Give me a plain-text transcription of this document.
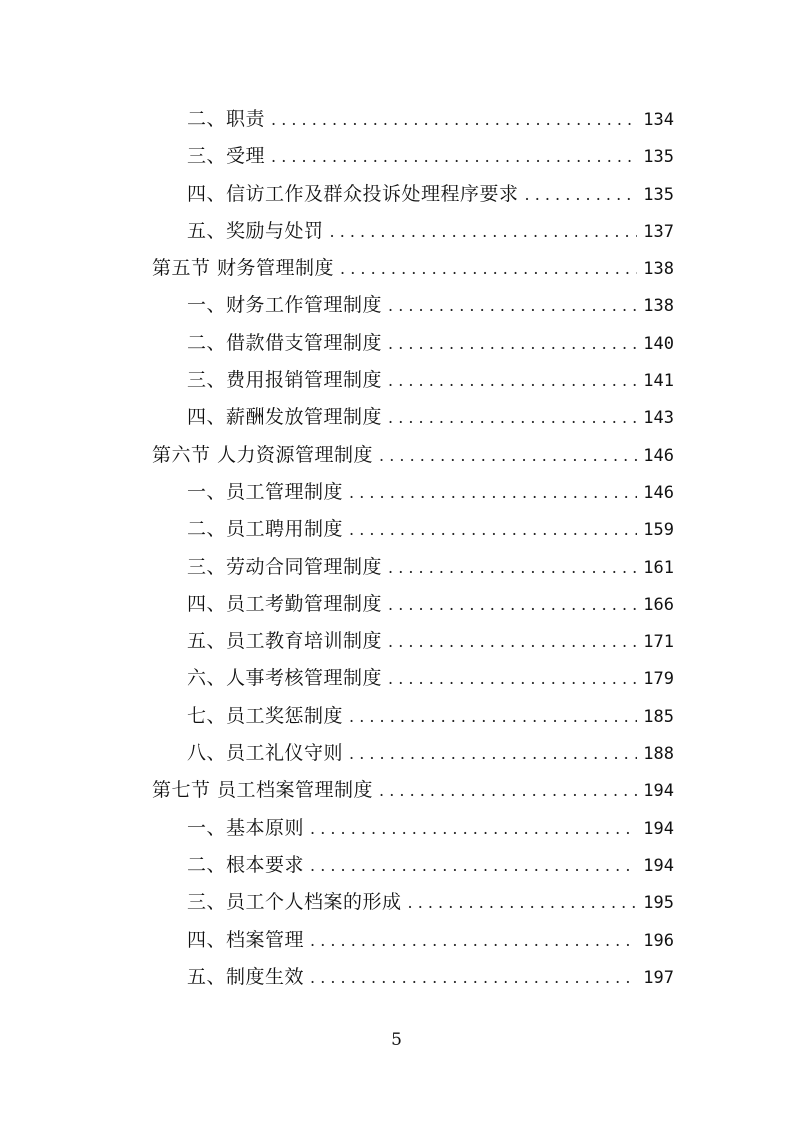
二、职责 . . .	134
三、受理 . . .	135
四、信访工作及群众投诉处理程序要求 . . .	135
五、奖励与处罚 . . .	137
第五节 财务管理制度 . . .	138
一、财务工作管理制度 . . .	138
二、借款借支管理制度 . . .	140
三、费用报销管理制度 . . .	141
四、薪酬发放管理制度 . . .	143
第六节 人力资源管理制度 . . .	146
一、员工管理制度 . . .	146
二、员工聘用制度 . . .	159
三、劳动合同管理制度 . . .	161
四、员工考勤管理制度 . . .	166
五、员工教育培训制度 . . .	171
六、人事考核管理制度 . . .	179
七、员工奖惩制度 . . .	185
八、员工礼仪守则 . . .	188
第七节 员工档案管理制度 . . .	194
一、基本原则 . . .	194
二、根本要求 . . .	194
三、员工个人档案的形成 . . .	195
四、档案管理 . . .	196
五、制度生效 . . .	197
5
